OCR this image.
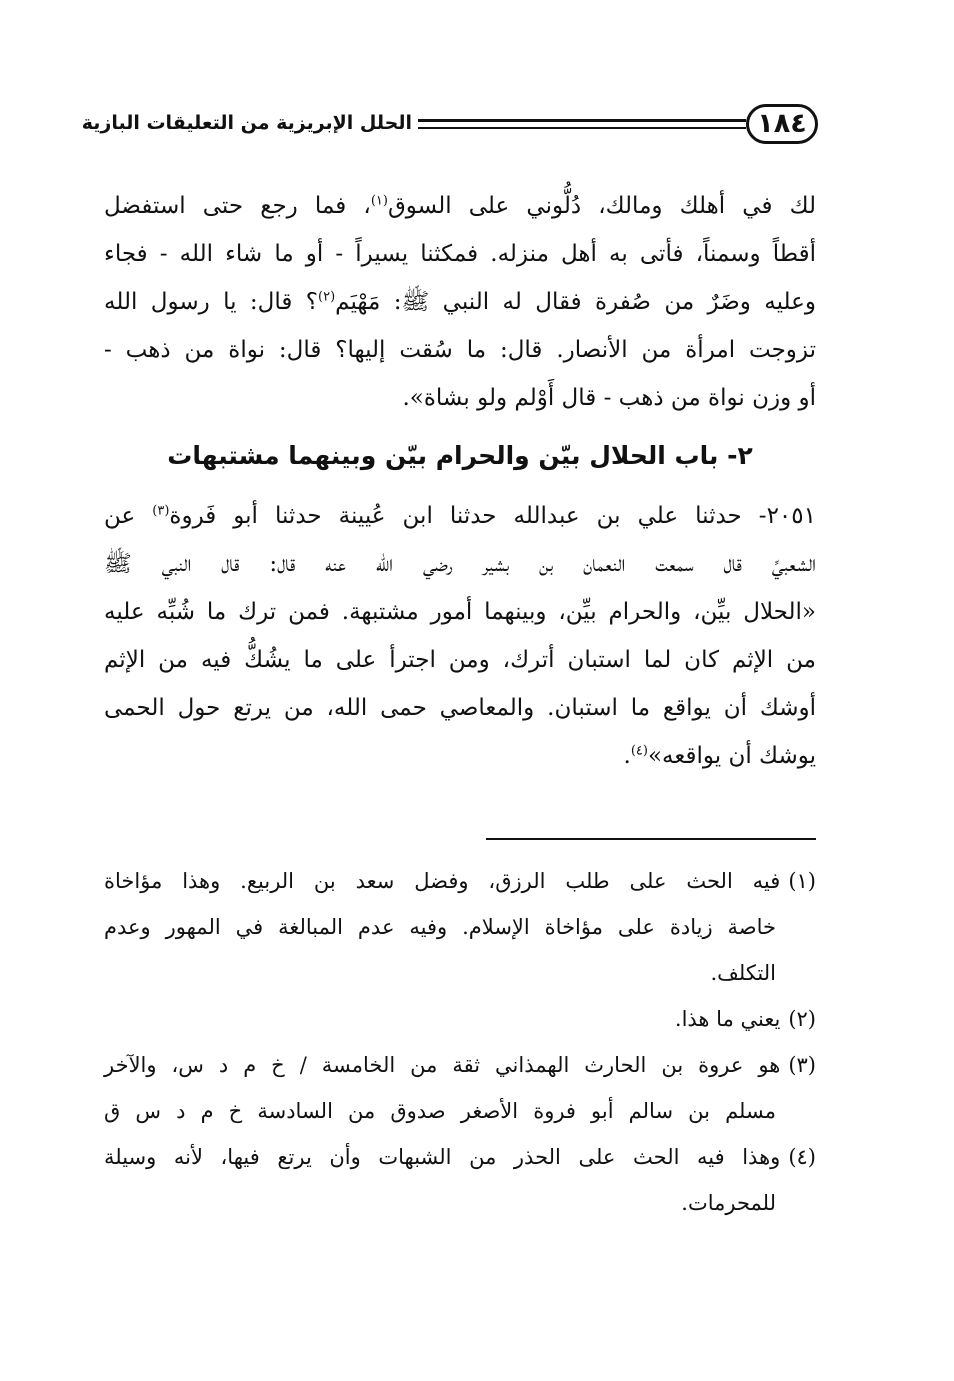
١٨٤
الحلل الإبريزية من التعليقات البازية
لك في أهلك ومالك، دُلُّوني على السوق$^{(١)}$، فما رجع حتى استفضل
أقطاً وسمناً، فأتى به أهل منزله. فمكثنا يسيراً - أو ما شاء الله - فجاء
وعليه وضَرٌ من صُفرة فقال له النبي ﷺ: مَهْيَم$^{(٢)}$؟ قال: يا رسول الله
تزوجت امرأة من الأنصار. قال: ما سُقت إليها؟ قال: نواة من ذهب -
أو وزن نواة من ذهب - قال أَوْلم ولو بشاة».
٢- باب الحلال بيّن والحرام بيّن وبينهما مشتبهات
٢٠٥١- حدثنا علي بن عبدالله حدثنا ابن عُيينة حدثنا أبو فَروة$^{(٣)}$ عن
الشعبيِّ قال سمعت النعمان بن بشير رضي الله عنه قال: قال النبي ﷺ
«الحلال بيِّن، والحرام بيِّن، وبينهما أمور مشتبهة. فمن ترك ما شُبِّه عليه
من الإثم كان لما استبان أترك، ومن اجترأ على ما يشُكُّ فيه من الإثم
أوشك أن يواقع ما استبان. والمعاصي حمى الله، من يرتع حول الحمى
يوشك أن يواقعه»$^{(٤)}$.
(١)فيه الحث على طلب الرزق، وفضل سعد بن الربيع. وهذا مؤاخاة
خاصة زيادة على مؤاخاة الإسلام. وفيه عدم المبالغة في المهور وعدم
التكلف.
(٢)يعني ما هذا.
(٣)هو عروة بن الحارث الهمذاني ثقة من الخامسة / خ م د س، والآخر
مسلم بن سالم أبو فروة الأصغر صدوق من السادسة خ م د س ق
(٤)وهذا فيه الحث على الحذر من الشبهات وأن يرتع فيها، لأنه وسيلة
للمحرمات.
